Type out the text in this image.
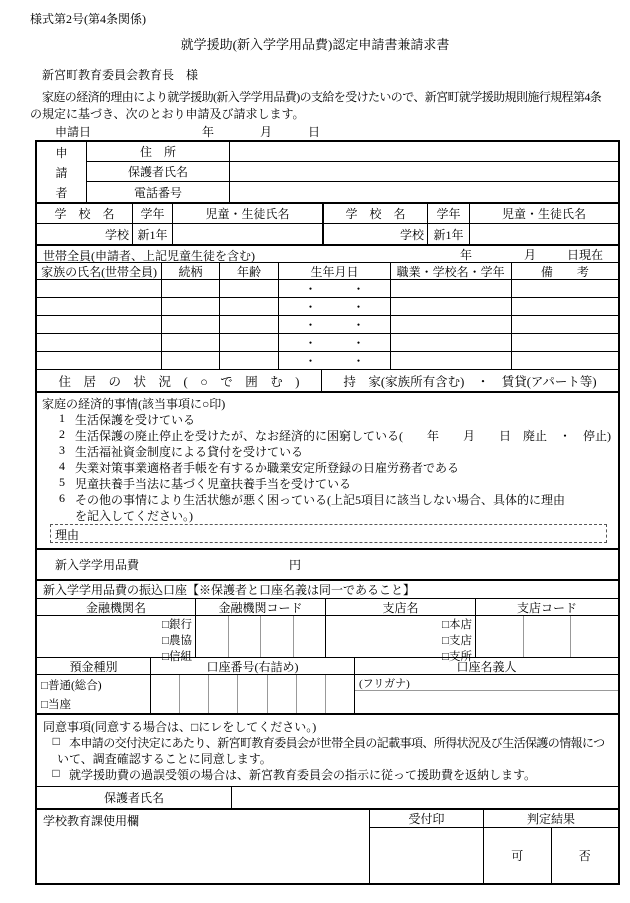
様式第2号(第4条関係)
就学援助(新入学学用品費)認定申請書兼請求書
新宮町教育委員会教育長　様
家庭の経済的理由により就学援助(新入学学用品費)の支給を受けたいので、新宮町就学援助規則施行規程第4条
の規定に基づき、次のとおり申請及び請求します。
申請日	年	月	日
申
請
者
住　所
保護者氏名
電話番号
学　校　名	学年	児童・生徒氏名	学　校　名	学年	児童・生徒氏名
学校 新1年	学校 新1年
世帯全員(申請者、上記児童生徒を含む)	年	月	日現在
家族の氏名(世帯全員)	続柄	年齢	生年月日	職業・学校名・学年	備　　考
・　　　・
・　　　・
・　　　・
・　　　・
・　　　・
住　居　の　状　況　(　○　で　囲　む　)	持　家(家族所有含む)　・　賃貸(アパート等)
家庭の経済的事情(該当事項に○印)
1 生活保護を受けている
2 生活保護の廃止停止を受けたが、なお経済的に困窮している(　　年　　月　　日　廃止　・　停止)
3 生活福祉資金制度による貸付を受けている
4 失業対策事業適格者手帳を有するか職業安定所登録の日雇労務者である
5 児童扶養手当法に基づく児童扶養手当を受けている
6 その他の事情により生活状態が悪く困っている(上記5項目に該当しない場合、具体的に理由
を記入してください。)
理由
新入学学用品費	円
新入学学用品費の振込口座【※保護者と口座名義は同一であること】
金融機関名	金融機関コード	支店名	支店コード
□銀行
□農協
□信組
□本店
□支店
□支所
預金種別	口座番号(右詰め)	口座名義人
□普通(総合)
□当座
(フリガナ)
同意事項(同意する場合は、□にレをしてください。)
□ 本申請の交付決定にあたり、新宮町教育委員会が世帯全員の記載事項、所得状況及び生活保護の情報につ
いて、調査確認することに同意します。
□ 就学援助費の過誤受領の場合は、新宮教育委員会の指示に従って援助費を返納します。
保護者氏名
学校教育課使用欄	受付印	判定結果
可	否
